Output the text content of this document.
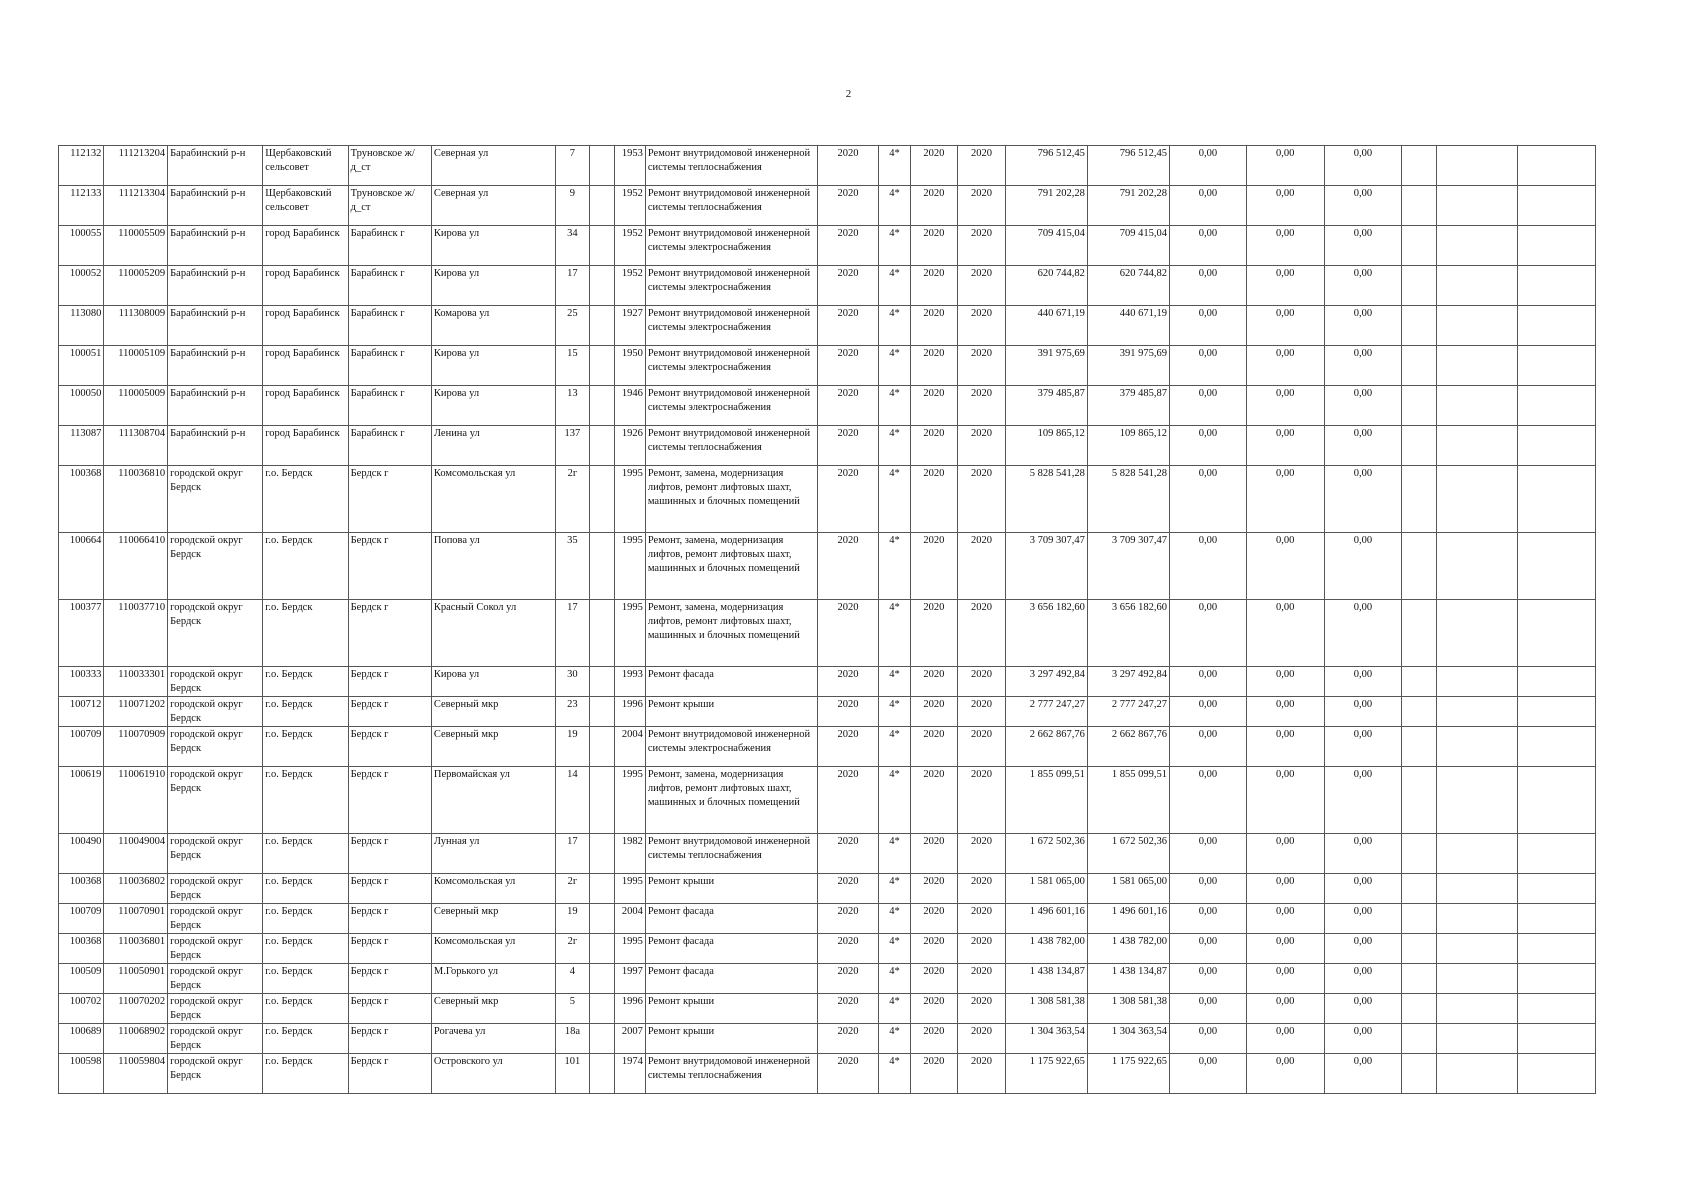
2
112132	111213204	Барабинский р-н	Щербаковский сельсовет	Труновское ж/д_ст	Северная ул	7		1953	Ремонт внутридомовой инженерной системы теплоснабжения	2020	4*	2020	2020	796 512,45	796 512,45	0,00	0,00	0,00			
112133	111213304	Барабинский р-н	Щербаковский сельсовет	Труновское ж/д_ст	Северная ул	9		1952	Ремонт внутридомовой инженерной системы теплоснабжения	2020	4*	2020	2020	791 202,28	791 202,28	0,00	0,00	0,00			
100055	110005509	Барабинский р-н	город Барабинск	Барабинск г	Кирова ул	34		1952	Ремонт внутридомовой инженерной системы электроснабжения	2020	4*	2020	2020	709 415,04	709 415,04	0,00	0,00	0,00			
100052	110005209	Барабинский р-н	город Барабинск	Барабинск г	Кирова ул	17		1952	Ремонт внутридомовой инженерной системы электроснабжения	2020	4*	2020	2020	620 744,82	620 744,82	0,00	0,00	0,00			
113080	111308009	Барабинский р-н	город Барабинск	Барабинск г	Комарова ул	25		1927	Ремонт внутридомовой инженерной системы электроснабжения	2020	4*	2020	2020	440 671,19	440 671,19	0,00	0,00	0,00			
100051	110005109	Барабинский р-н	город Барабинск	Барабинск г	Кирова ул	15		1950	Ремонт внутридомовой инженерной системы электроснабжения	2020	4*	2020	2020	391 975,69	391 975,69	0,00	0,00	0,00			
100050	110005009	Барабинский р-н	город Барабинск	Барабинск г	Кирова ул	13		1946	Ремонт внутридомовой инженерной системы электроснабжения	2020	4*	2020	2020	379 485,87	379 485,87	0,00	0,00	0,00			
113087	111308704	Барабинский р-н	город Барабинск	Барабинск г	Ленина ул	137		1926	Ремонт внутридомовой инженерной системы теплоснабжения	2020	4*	2020	2020	109 865,12	109 865,12	0,00	0,00	0,00			
100368	110036810	городской округ Бердск	г.о. Бердск	Бердск г	Комсомольская ул	2г		1995	Ремонт, замена, модернизация лифтов, ремонт лифтовых шахт, машинных и блочных помещений	2020	4*	2020	2020	5 828 541,28	5 828 541,28	0,00	0,00	0,00			
100664	110066410	городской округ Бердск	г.о. Бердск	Бердск г	Попова ул	35		1995	Ремонт, замена, модернизация лифтов, ремонт лифтовых шахт, машинных и блочных помещений	2020	4*	2020	2020	3 709 307,47	3 709 307,47	0,00	0,00	0,00			
100377	110037710	городской округ Бердск	г.о. Бердск	Бердск г	Красный Сокол ул	17		1995	Ремонт, замена, модернизация лифтов, ремонт лифтовых шахт, машинных и блочных помещений	2020	4*	2020	2020	3 656 182,60	3 656 182,60	0,00	0,00	0,00			
100333	110033301	городской округ Бердск	г.о. Бердск	Бердск г	Кирова ул	30		1993	Ремонт фасада	2020	4*	2020	2020	3 297 492,84	3 297 492,84	0,00	0,00	0,00			
100712	110071202	городской округ Бердск	г.о. Бердск	Бердск г	Северный мкр	23		1996	Ремонт крыши	2020	4*	2020	2020	2 777 247,27	2 777 247,27	0,00	0,00	0,00			
100709	110070909	городской округ Бердск	г.о. Бердск	Бердск г	Северный мкр	19		2004	Ремонт внутридомовой инженерной системы электроснабжения	2020	4*	2020	2020	2 662 867,76	2 662 867,76	0,00	0,00	0,00			
100619	110061910	городской округ Бердск	г.о. Бердск	Бердск г	Первомайская ул	14		1995	Ремонт, замена, модернизация лифтов, ремонт лифтовых шахт, машинных и блочных помещений	2020	4*	2020	2020	1 855 099,51	1 855 099,51	0,00	0,00	0,00			
100490	110049004	городской округ Бердск	г.о. Бердск	Бердск г	Лунная ул	17		1982	Ремонт внутридомовой инженерной системы теплоснабжения	2020	4*	2020	2020	1 672 502,36	1 672 502,36	0,00	0,00	0,00			
100368	110036802	городской округ Бердск	г.о. Бердск	Бердск г	Комсомольская ул	2г		1995	Ремонт крыши	2020	4*	2020	2020	1 581 065,00	1 581 065,00	0,00	0,00	0,00			
100709	110070901	городской округ Бердск	г.о. Бердск	Бердск г	Северный мкр	19		2004	Ремонт фасада	2020	4*	2020	2020	1 496 601,16	1 496 601,16	0,00	0,00	0,00			
100368	110036801	городской округ Бердск	г.о. Бердск	Бердск г	Комсомольская ул	2г		1995	Ремонт фасада	2020	4*	2020	2020	1 438 782,00	1 438 782,00	0,00	0,00	0,00			
100509	110050901	городской округ Бердск	г.о. Бердск	Бердск г	М.Горького ул	4		1997	Ремонт фасада	2020	4*	2020	2020	1 438 134,87	1 438 134,87	0,00	0,00	0,00			
100702	110070202	городской округ Бердск	г.о. Бердск	Бердск г	Северный мкр	5		1996	Ремонт крыши	2020	4*	2020	2020	1 308 581,38	1 308 581,38	0,00	0,00	0,00			
100689	110068902	городской округ Бердск	г.о. Бердск	Бердск г	Рогачева ул	18а		2007	Ремонт крыши	2020	4*	2020	2020	1 304 363,54	1 304 363,54	0,00	0,00	0,00			
100598	110059804	городской округ Бердск	г.о. Бердск	Бердск г	Островского ул	101		1974	Ремонт внутридомовой инженерной системы теплоснабжения	2020	4*	2020	2020	1 175 922,65	1 175 922,65	0,00	0,00	0,00			
